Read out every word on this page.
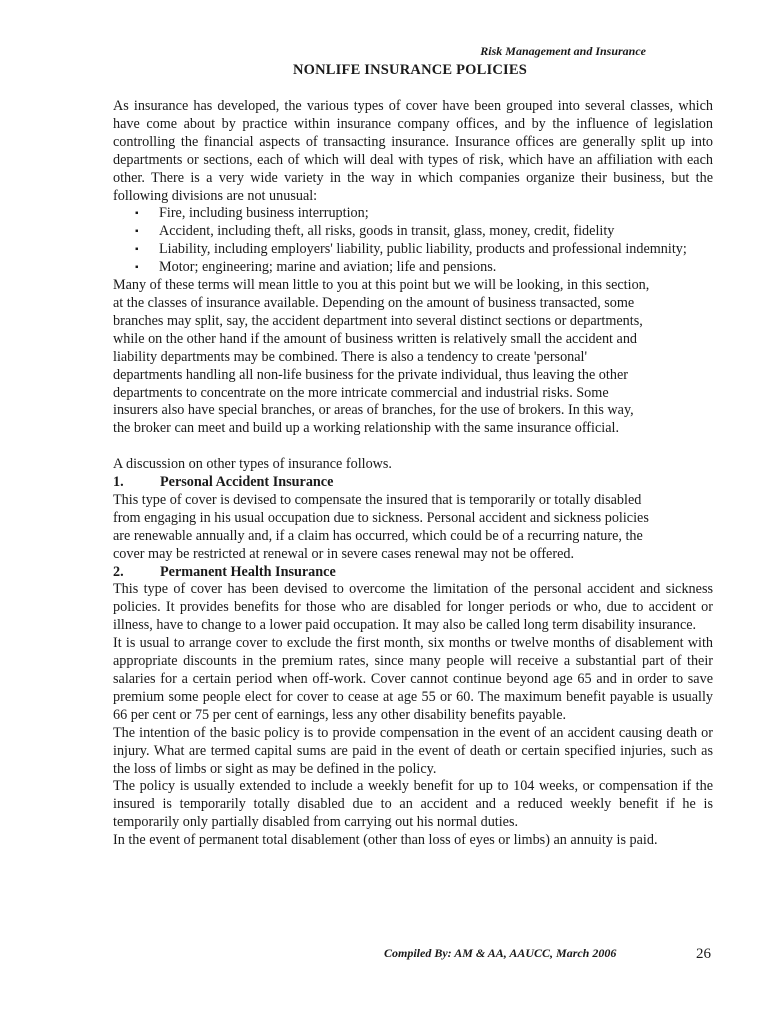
Risk Management and Insurance
NONLIFE INSURANCE POLICIES

As insurance has developed, the various types of cover have been grouped into several classes, which have come about by practice within insurance company offices, and by the influence of legislation controlling the financial aspects of transacting insurance. Insurance offices are generally split up into departments or sections, each of which will deal with types of risk, which have an affiliation with each other. There is a very wide variety in the way in which companies organize their business, but the following divisions are not unusual:

▪ Fire, including business interruption;
▪ Accident, including theft, all risks, goods in transit, glass, money, credit, fidelity
▪ Liability, including employers' liability, public liability, products and professional indemnity;
▪ Motor; engineering; marine and aviation; life and pensions.
Many of these terms will mean little to you at this point but we will be looking, in this section,
at the classes of insurance available. Depending on the amount of business transacted, some
branches may split, say, the accident department into several distinct sections or departments,
while on the other hand if the amount of business written is relatively small the accident and
liability departments may be combined. There is also a tendency to create 'personal'
departments handling all non-life business for the private individual, thus leaving the other
departments to concentrate on the more intricate commercial and industrial risks. Some
insurers also have special branches, or areas of branches, for the use of brokers. In this way,
the broker can meet and build up a working relationship with the same insurance official.

A discussion on other types of insurance follows.

1.	Personal Accident Insurance
This type of cover is devised to compensate the insured that is temporarily or totally disabled
from engaging in his usual occupation due to sickness. Personal accident and sickness policies
are renewable annually and, if a claim has occurred, which could be of a recurring nature, the
cover may be restricted at renewal or in severe cases renewal may not be offered.
2.	Permanent Health Insurance

This type of cover has been devised to overcome the limitation of the personal accident and sickness policies. It provides benefits for those who are disabled for longer periods or who, due to accident or illness, have to change to a lower paid occupation. It may also be called long term disability insurance.

It is usual to arrange cover to exclude the first month, six months or twelve months of disablement with appropriate discounts in the premium rates, since many people will receive a substantial part of their salaries for a certain period when off-work. Cover cannot continue beyond age 65 and in order to save premium some people elect for cover to cease at age 55 or 60. The maximum benefit payable is usually 66 per cent or 75 per cent of earnings, less any other disability benefits payable.

The intention of the basic policy is to provide compensation in the event of an accident causing death or injury. What are termed capital sums are paid in the event of death or certain specified injuries, such as the loss of limbs or sight as may be defined in the policy.

The policy is usually extended to include a weekly benefit for up to 104 weeks, or compensation if the insured is temporarily totally disabled due to an accident and a reduced weekly benefit if he is temporarily only partially disabled from carrying out his normal duties.

In the event of permanent total disablement (other than loss of eyes or limbs) an annuity is paid.

Compiled By: AM & AA, AAUCC, March 2006	26
